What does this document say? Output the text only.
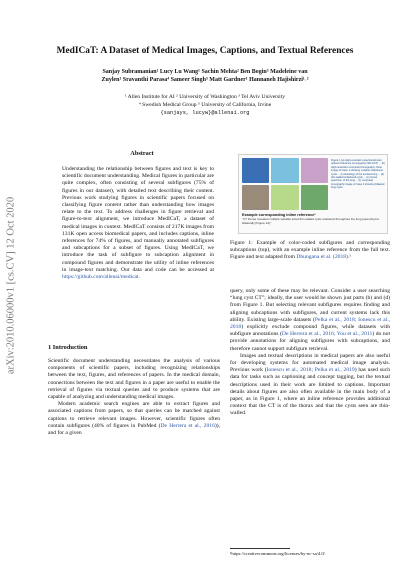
arXiv:2010.06000v1 [cs.CV] 12 Oct 2020
MedICaT: A Dataset of Medical Images, Captions, and Textual References
Sanjay Subramanian¹ Lucy Lu Wang¹ Sachin Mehta² Ben Bogin³ Madeleine van
Zuylen¹ Sravanthi Parasa⁴ Sameer Singh⁵ Matt Gardner¹ Hannaneh Hajishirzi¹˒²
¹ Allen Institute for AI ² University of Washington ³ Tel Aviv University
⁴ Swedish Medical Group ⁵ University of California, Irvine
{sanjays, lucyw}@allenai.org
Abstract
Understanding the relationship between figures and text is key to scientific document understanding. Medical figures in particular are quite complex, often consisting of several subfigures (75% of figures in our dataset), with detailed text describing their content. Previous work studying figures in scientific papers focused on classifying figure content rather than understanding how images relate to the text. To address challenges in figure retrieval and figure-to-text alignment, we introduce MedICaT, a dataset of medical images in context. MedICaT consists of 217K images from 131K open access biomedical papers, and includes captions, inline references for 74% of figures, and manually annotated subfigures and subcaptions for a subset of figures. Using MedICaT, we introduce the task of subfigure to subcaption alignment in compound figures and demonstrate the utility of inline references in image-text matching. Our data and code can be accessed at https://github.com/allenai/medicat.
1 Introduction

Scientific document understanding necessitates the analysis of various components of scientific papers, including recognizing relationships between the text, figures, and references of papers. In the medical domain, connections between the text and figures in a paper are useful to enable the retrieval of figures via textual queries and to produce systems that are capable of analyzing and understanding medical images.

Modern academic search engines are able to extract figures and associated captions from papers, so that queries can be matched against captions to retrieve relevant images. However, scientific figures often contain subfigures (40% of figures in PubMed (De Herrera et al., 2016)), and for a given

Figure 1 (a) High-resolution spectral-domain optical coherence tomography (SD-OCT) ... (b) High-resolution computed tomography chest image of Case 1 showing multiple subpleural cysts ... (c) Histology of the excised lung ... (d) thin-walled subpleural cysts ... (e) Gross specimen of the lung ... (f) computed tomography image of Case 2 showing bilateral lung cysts.
Example corresponding inline reference¹
“CT thorax revealed multiple variable sized thin-walled cysts scattered throughout the lung parenchyma bilaterally [Figure 1d].”
Figure 1: Example of color-coded subfigures and corresponding subcaptions (top), with an example inline reference from the full text. Figure and text adapted from Dhungana et al. (2018).¹

query, only some of these may be relevant. Consider a user searching “lung cyst CT”; ideally, the user would be shown just parts (b) and (d) from Figure 1. But selecting relevant subfigures requires finding and aligning subcaptions with subfigures, and current systems lack this ability. Existing large-scale datasets (Pelka et al., 2018; Ionescu et al., 2018) explicitly exclude compound figures, while datasets with subfigure annotations (De Herrera et al., 2016; You et al., 2011) do not provide annotations for aligning subfigures with subcaptions, and therefore cannot support subfigure retrieval.

Images and textual descriptions in medical papers are also useful for developing systems for automated medical image analysis. Previous work (Ionescu et al., 2018; Pelka et al., 2019) has used such data for tasks such as captioning and concept tagging, but the textual descriptions used in their work are limited to captions. Important details about figures are also often available in the main body of a paper, as in Figure 1, where an inline reference provides additional context that the CT is of the thorax and that the cysts seen are thin-walled.

¹https://creativecommons.org/licenses/by-nc-sa/4.0/
